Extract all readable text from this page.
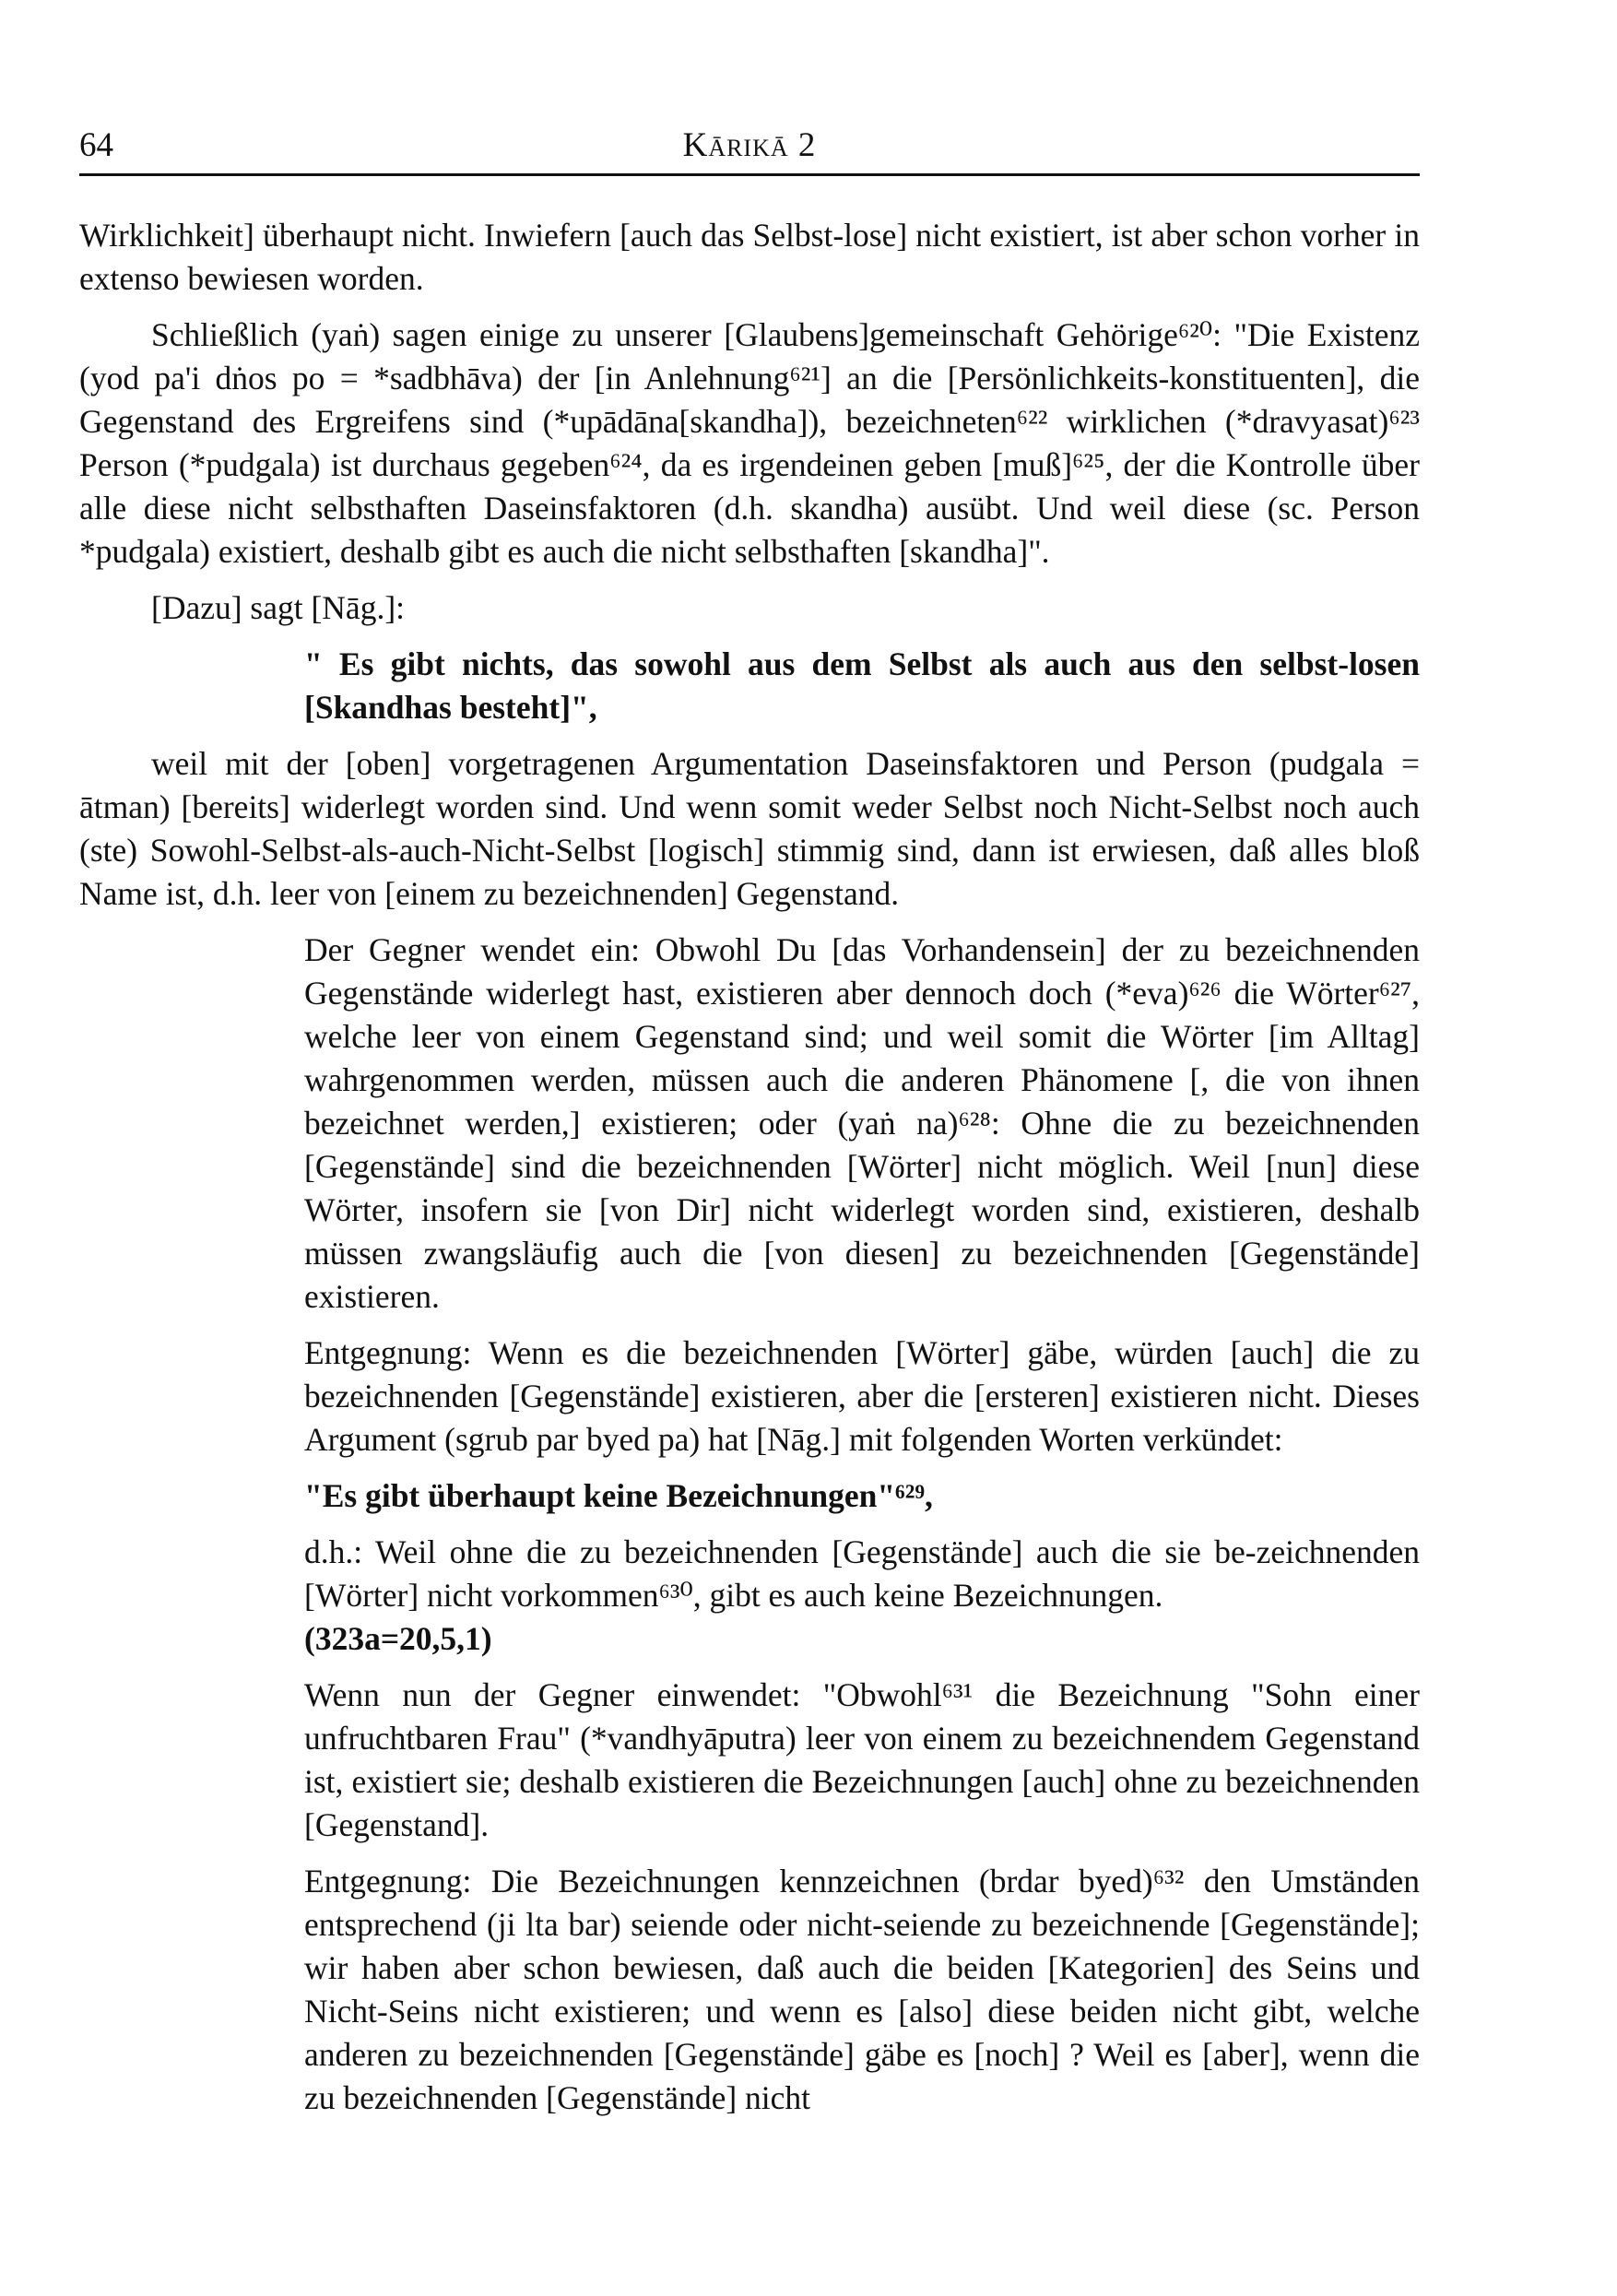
64	Kārikā 2

Wirklichkeit] überhaupt nicht. Inwiefern [auch das Selbst-lose] nicht existiert, ist aber schon vorher in extenso bewiesen worden.

Schließlich (yaṅ) sagen einige zu unserer [Glaubens]gemeinschaft Gehörige⁶²⁰: "Die Existenz (yod pa'i dṅos po = *sadbhāva) der [in Anlehnung⁶²¹] an die [Persönlichkeits-konstituenten], die Gegenstand des Ergreifens sind (*upādāna[skandha]), bezeichneten⁶²² wirklichen (*dravyasat)⁶²³ Person (*pudgala) ist durchaus gegeben⁶²⁴, da es irgendeinen geben [muß]⁶²⁵, der die Kontrolle über alle diese nicht selbsthaften Daseinsfaktoren (d.h. skandha) ausübt. Und weil diese (sc. Person *pudgala) existiert, deshalb gibt es auch die nicht selbsthaften [skandha]".

[Dazu] sagt [Nāg.]:

" Es gibt nichts, das sowohl aus dem Selbst als auch aus den selbst-losen [Skandhas besteht]",

weil mit der [oben] vorgetragenen Argumentation Daseinsfaktoren und Person (pudgala = ātman) [bereits] widerlegt worden sind. Und wenn somit weder Selbst noch Nicht-Selbst noch auch (ste) Sowohl-Selbst-als-auch-Nicht-Selbst [logisch] stimmig sind, dann ist erwiesen, daß alles bloß Name ist, d.h. leer von [einem zu bezeichnenden] Gegenstand.

Der Gegner wendet ein: Obwohl Du [das Vorhandensein] der zu bezeichnenden Gegenstände widerlegt hast, existieren aber dennoch doch (*eva)⁶²⁶ die Wörter⁶²⁷, welche leer von einem Gegenstand sind; und weil somit die Wörter [im Alltag] wahrgenommen werden, müssen auch die anderen Phänomene [, die von ihnen bezeichnet werden,] existieren; oder (yaṅ na)⁶²⁸: Ohne die zu bezeichnenden [Gegenstände] sind die bezeichnenden [Wörter] nicht möglich. Weil [nun] diese Wörter, insofern sie [von Dir] nicht widerlegt worden sind, existieren, deshalb müssen zwangsläufig auch die [von diesen] zu bezeichnenden [Gegenstände] existieren.

Entgegnung: Wenn es die bezeichnenden [Wörter] gäbe, würden [auch] die zu bezeichnenden [Gegenstände] existieren, aber die [ersteren] existieren nicht. Dieses Argument (sgrub par byed pa) hat [Nāg.] mit folgenden Worten verkündet:

"Es gibt überhaupt keine Bezeichnungen"⁶²⁹,

d.h.: Weil ohne die zu bezeichnenden [Gegenstände] auch die sie be-zeichnenden [Wörter] nicht vorkommen⁶³⁰, gibt es auch keine Bezeichnungen.

(323a=20,5,1)

Wenn nun der Gegner einwendet: "Obwohl⁶³¹ die Bezeichnung "Sohn einer unfruchtbaren Frau" (*vandhyāputra) leer von einem zu bezeichnendem Gegenstand ist, existiert sie; deshalb existieren die Bezeichnungen [auch] ohne zu bezeichnenden [Gegenstand].

Entgegnung: Die Bezeichnungen kennzeichnen (brdar byed)⁶³² den Umständen entsprechend (ji lta bar) seiende oder nicht-seiende zu bezeichnende [Gegenstände]; wir haben aber schon bewiesen, daß auch die beiden [Kategorien] des Seins und Nicht-Seins nicht existieren; und wenn es [also] diese beiden nicht gibt, welche anderen zu bezeichnenden [Gegenstände] gäbe es [noch] ? Weil es [aber], wenn die zu bezeichnenden [Gegenstände] nicht
